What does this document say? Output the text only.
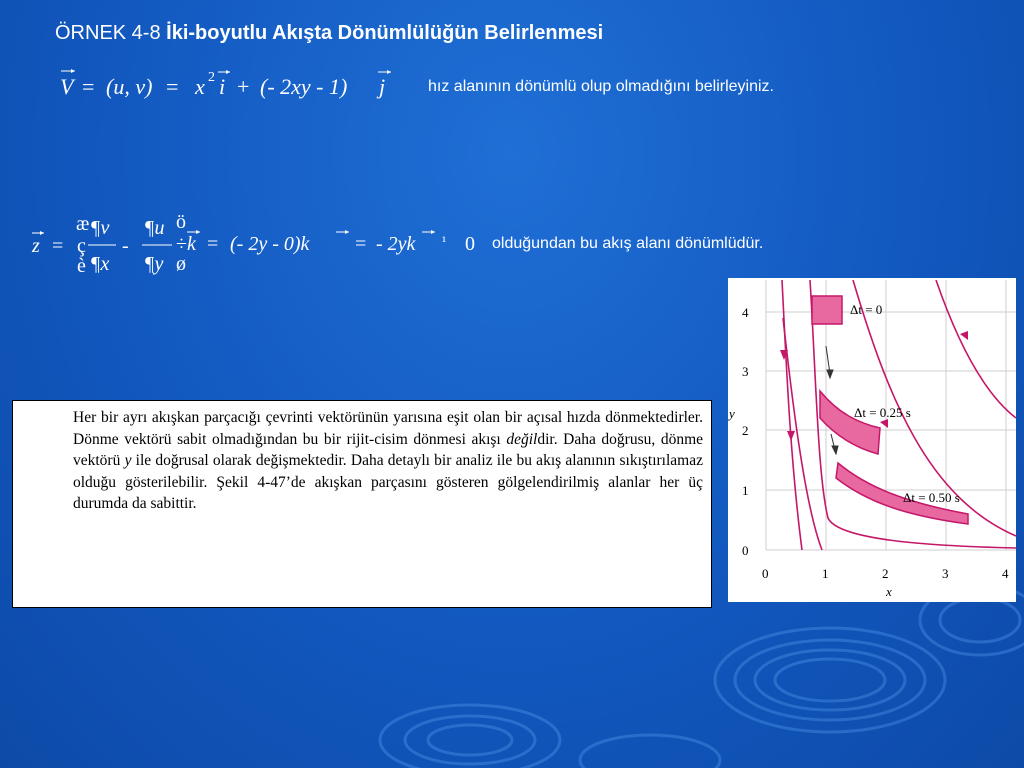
ÖRNEK 4-8 İki-boyutlu Akışta Dönümlülüğün Belirlenmesi
V = (u, v) = x 2 i + (- 2xy - 1) j	hız alanının dönümlü olup olmadığını belirleyiniz.
z =
æ
ç
è
¶v
¶x
-
¶u
¶y
ö
÷
ø
k = (- 2y - 0)k = - 2yk ¹ 0 olduğundan bu akış alanı dönümlüdür.

Her bir ayrı akışkan parçacığı çevrinti vektörünün yarısına eşit olan bir açısal hızda dönmektedirler. Dönme vektörü sabit olmadığından bu bir rijit-cisim dönmesi akışı değildir. Daha doğrusu, dönme vektörü y ile doğrusal olarak değişmektedir. Daha detaylı bir analiz ile bu akış alanının sıkıştırılamaz olduğu gösterilebilir. Şekil 4-47’de akışkan parçasını gösteren gölgelendirilmiş alanlar her üç durumda da sabittir.

Δt = 0
Δt = 0.25 s
Δt = 0.50 s
0	1	2	3	4
0
1
2
3
4
x
y
